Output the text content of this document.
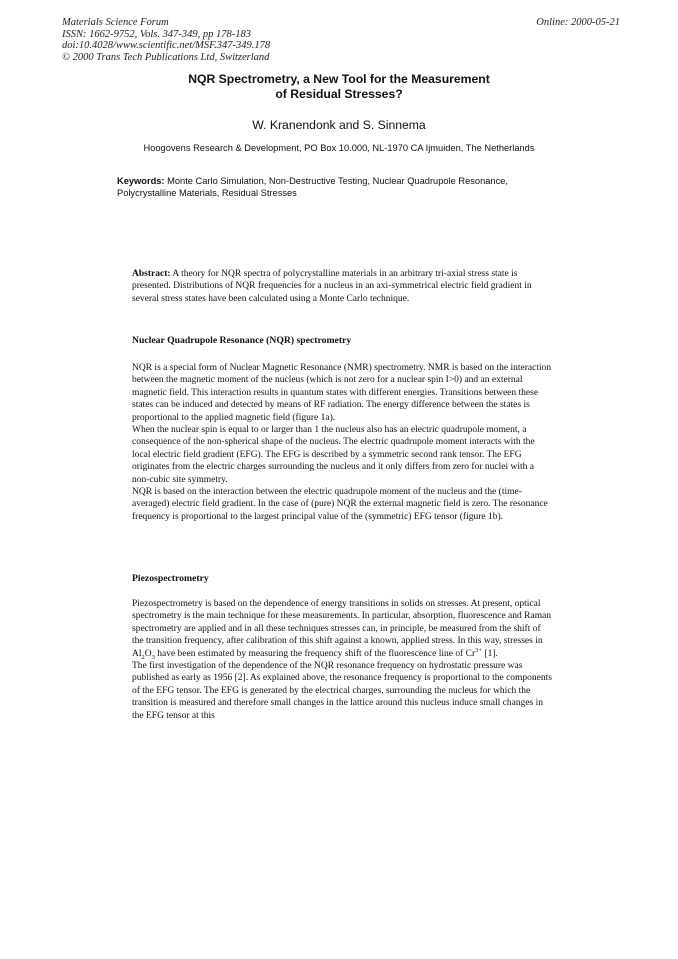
Materials Science Forum
ISSN: 1662-9752, Vols. 347-349, pp 178-183
doi:10.4028/www.scientific.net/MSF.347-349.178
© 2000 Trans Tech Publications Ltd, Switzerland
Online: 2000-05-21
NQR Spectrometry, a New Tool for the Measurement
of Residual Stresses?
W. Kranendonk and S. Sinnema
Hoogovens Research & Development, PO Box 10.000, NL-1970 CA Ijmuiden, The Netherlands
Keywords: Monte Carlo Simulation, Non-Destructive Testing, Nuclear Quadrupole Resonance, Polycrystalline Materials, Residual Stresses

Abstract: A theory for NQR spectra of polycrystalline materials in an arbitrary tri-axial stress state is presented. Distributions of NQR frequencies for a nucleus in an axi-symmetrical electric field gradient in several stress states have been calculated using a Monte Carlo technique.

Nuclear Quadrupole Resonance (NQR) spectrometry

NQR is a special form of Nuclear Magnetic Resonance (NMR) spectrometry. NMR is based on the interaction between the magnetic moment of the nucleus (which is not zero for a nuclear spin I>0) and an external magnetic field. This interaction results in quantum states with different energies. Transitions between these states can be induced and detected by means of RF radiation. The energy difference between the states is proportional to the applied magnetic field (figure 1a).

When the nuclear spin is equal to or larger than 1 the nucleus also has an electric quadrupole moment, a consequence of the non-spherical shape of the nucleus. The electric quadrupole moment interacts with the local electric field gradient (EFG). The EFG is described by a symmetric second rank tensor. The EFG originates from the electric charges surrounding the nucleus and it only differs from zero for nuclei with a non-cubic site symmetry.

NQR is based on the interaction between the electric quadrupole moment of the nucleus and the (time-averaged) electric field gradient. In the case of (pure) NQR the external magnetic field is zero. The resonance frequency is proportional to the largest principal value of the (symmetric) EFG tensor (figure 1b).

Piezospectrometry

Piezospectrometry is based on the dependence of energy transitions in solids on stresses. At present, optical spectrometry is the main technique for these measurements. In particular, absorption, fluorescence and Raman spectrometry are applied and in all these techniques stresses can, in principle, be measured from the shift of the transition frequency, after calibration of this shift against a known, applied stress. In this way, stresses in $Al_2O_3$ have been estimated by measuring the frequency shift of the fluorescence line of $Cr^{3+}$ [1].

The first investigation of the dependence of the NQR resonance frequency on hydrostatic pressure was published as early as 1956 [2]. As explained above, the resonance frequency is proportional to the components of the EFG tensor. The EFG is generated by the electrical charges, surrounding the nucleus for which the transition is measured and therefore small changes in the lattice around this nucleus induce small changes in the EFG tensor at this
